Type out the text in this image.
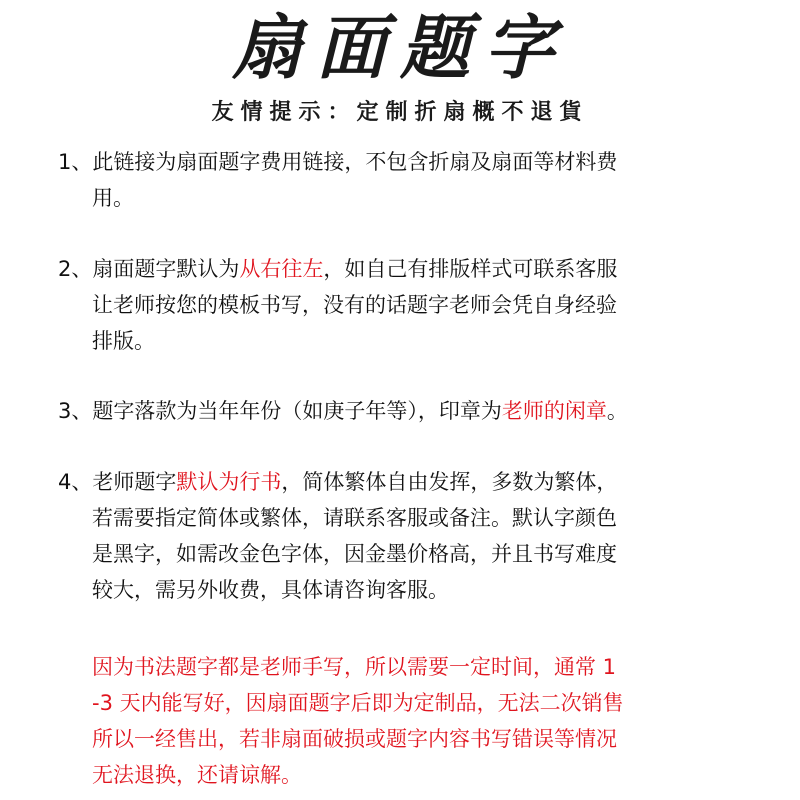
扇面题字
友情提示：定制折扇概不退貨
1、此链接为扇面题字费用链接，不包含折扇及扇面等材料费
用。
2、扇面题字默认为从右往左，如自己有排版样式可联系客服
让老师按您的模板书写，没有的话题字老师会凭自身经验
排版。
3、题字落款为当年年份（如庚子年等），印章为老师的闲章。
4、老师题字默认为行书，简体繁体自由发挥，多数为繁体，
若需要指定简体或繁体，请联系客服或备注。默认字颜色
是黑字，如需改金色字体，因金墨价格高，并且书写难度
较大，需另外收费，具体请咨询客服。
因为书法题字都是老师手写，所以需要一定时间，通常 1
-3 天内能写好，因扇面题字后即为定制品，无法二次销售
所以一经售出，若非扇面破损或题字内容书写错误等情况
无法退换，还请谅解。
